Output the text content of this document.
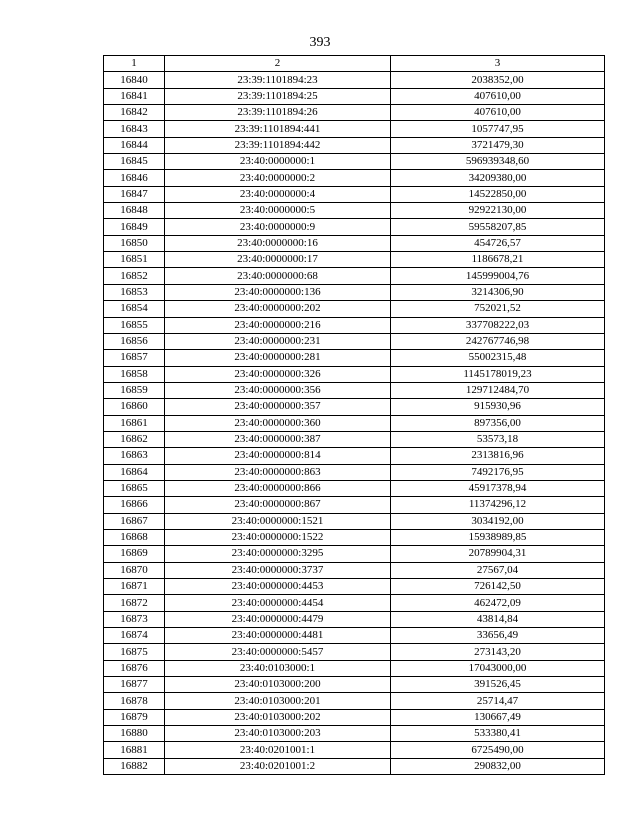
393
1	2	3
16840	23:39:1101894:23	2038352,00
16841	23:39:1101894:25	407610,00
16842	23:39:1101894:26	407610,00
16843	23:39:1101894:441	1057747,95
16844	23:39:1101894:442	3721479,30
16845	23:40:0000000:1	596939348,60
16846	23:40:0000000:2	34209380,00
16847	23:40:0000000:4	14522850,00
16848	23:40:0000000:5	92922130,00
16849	23:40:0000000:9	59558207,85
16850	23:40:0000000:16	454726,57
16851	23:40:0000000:17	1186678,21
16852	23:40:0000000:68	145999004,76
16853	23:40:0000000:136	3214306,90
16854	23:40:0000000:202	752021,52
16855	23:40:0000000:216	337708222,03
16856	23:40:0000000:231	242767746,98
16857	23:40:0000000:281	55002315,48
16858	23:40:0000000:326	1145178019,23
16859	23:40:0000000:356	129712484,70
16860	23:40:0000000:357	915930,96
16861	23:40:0000000:360	897356,00
16862	23:40:0000000:387	53573,18
16863	23:40:0000000:814	2313816,96
16864	23:40:0000000:863	7492176,95
16865	23:40:0000000:866	45917378,94
16866	23:40:0000000:867	11374296,12
16867	23:40:0000000:1521	3034192,00
16868	23:40:0000000:1522	15938989,85
16869	23:40:0000000:3295	20789904,31
16870	23:40:0000000:3737	27567,04
16871	23:40:0000000:4453	726142,50
16872	23:40:0000000:4454	462472,09
16873	23:40:0000000:4479	43814,84
16874	23:40:0000000:4481	33656,49
16875	23:40:0000000:5457	273143,20
16876	23:40:0103000:1	17043000,00
16877	23:40:0103000:200	391526,45
16878	23:40:0103000:201	25714,47
16879	23:40:0103000:202	130667,49
16880	23:40:0103000:203	533380,41
16881	23:40:0201001:1	6725490,00
16882	23:40:0201001:2	290832,00
